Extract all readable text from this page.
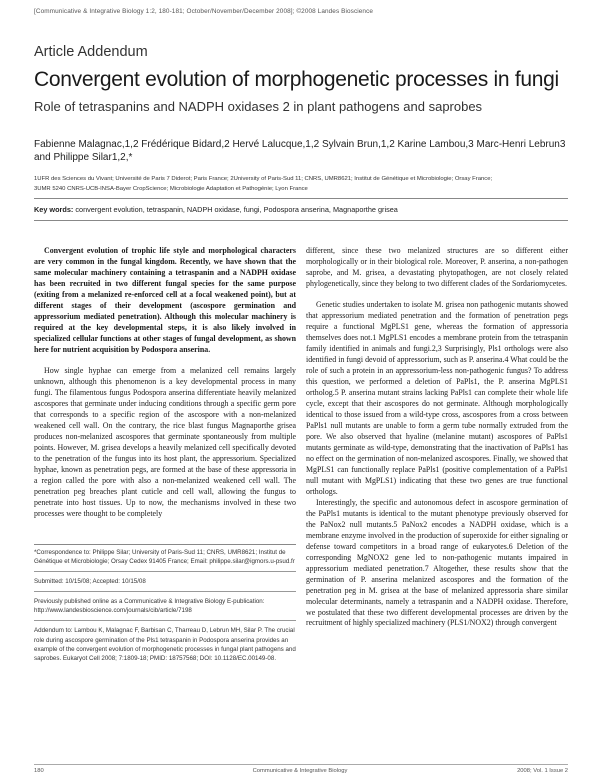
[Communicative & Integrative Biology 1:2, 180-181; October/November/December 2008]; ©2008 Landes Bioscience
Article Addendum
Convergent evolution of morphogenetic processes in fungi
Role of tetraspanins and NADPH oxidases 2 in plant pathogens and saprobes
Fabienne Malagnac,1,2 Frédérique Bidard,2 Hervé Lalucque,1,2 Sylvain Brun,1,2 Karine Lambou,3 Marc-Henri Lebrun3 and Philippe Silar1,2,*
1UFR des Sciences du Vivant; Université de Paris 7 Diderot; Paris France; 2University of Paris-Sud 11; CNRS, UMR8621; Institut de Génétique et Microbiologie; Orsay France;
3UMR 5240 CNRS-UCB-INSA-Bayer CropScience; Microbiologie Adaptation et Pathogénie; Lyon France
Key words: convergent evolution, tetraspanin, NADPH oxidase, fungi, Podospora anserina, Magnaporthe grisea

Convergent evolution of trophic life style and morphological characters are very common in the fungal kingdom. Recently, we have shown that the same molecular machinery containing a tetraspanin and a NADPH oxidase has been recruited in two different fungal species for the same purpose (exiting from a melanized re-enforced cell at a focal weakened point), but at different stages of their development (ascospore germination and appressorium mediated penetration). Although this molecular machinery is required at the key developmental steps, it is also likely involved in specialized cellular functions at other stages of fungal development, as shown here for nutrient acquisition by Podospora anserina.

How single hyphae can emerge from a melanized cell remains largely unknown, although this phenomenon is a key developmental process in many fungi. The filamentous fungus Podospora anserina differentiate heavily melanized ascospores that germinate under inducing conditions through a specific germ pore that corresponds to a specific region of the ascospore with a non-melanized weakened cell wall. On the contrary, the rice blast fungus Magnaporthe grisea produces non-melanized ascospores that germinate spontaneously from multiple points. However, M. grisea develops a heavily melanized cell specifically devoted to the penetration of the fungus into its host plant, the appressorium. Specialized hyphae, known as penetration pegs, are formed at the base of these appressoria in a region called the pore with also a non-melanized weakened cell wall. The penetration peg breaches plant cuticle and cell wall, allowing the fungus to penetrate into host tissues. Up to now, the mechanisms involved in these two processes were thought to be completely

different, since these two melanized structures are so different either morphologically or in their biological role. Moreover, P. anserina, a non-pathogen saprobe, and M. grisea, a devastating phytopathogen, are not closely related phylogenetically, since they belong to two different clades of the Sordariomycetes.

Genetic studies undertaken to isolate M. grisea non pathogenic mutants showed that appressorium mediated penetration and the formation of penetration pegs require a functional MgPLS1 gene, whereas the formation of appressoria themselves does not.1 MgPLS1 encodes a membrane protein from the tetraspanin family identified in animals and fungi.2,3 Surprisingly, Pls1 orthologs were also identified in fungi devoid of appressorium, such as P. anserina.4 What could be the role of such a protein in an appressorium-less non-pathogenic fungus? To address this question, we performed a deletion of PaPls1, the P. anserina MgPLS1 ortholog.5 P. anserina mutant strains lacking PaPls1 can complete their whole life cycle, except that their ascospores do not germinate. Although morphologically identical to those issued from a wild-type cross, ascospores from a cross between PaPls1 null mutants are unable to form a germ tube normally extruded from the pore. We also observed that hyaline (melanine mutant) ascospores of PaPls1 mutants germinate as wild-type, demonstrating that the inactivation of PaPls1 has no effect on the germination of non-melanized ascospores. Finally, we showed that MgPLS1 can functionally replace PaPls1 (positive complementation of a PaPls1 null mutant with MgPLS1) indicating that these two genes are true functional orthologs.

Interestingly, the specific and autonomous defect in ascospore germination of the PaPls1 mutants is identical to the mutant phenotype previously observed for the PaNox2 null mutants.5 PaNox2 encodes a NADPH oxidase, which is a membrane enzyme involved in the production of superoxide for either signaling or defense toward competitors in a broad range of eukaryotes.6 Deletion of the corresponding MgNOX2 gene led to non-pathogenic mutants impaired in appressorium mediated penetration.7 Altogether, these results show that the germination of P. anserina melanized ascospores and the formation of the penetration peg in M. grisea at the base of melanized appressoria share similar molecular determinants, namely a tetraspanin and a NADPH oxidase. Therefore, we postulated that these two different developmental processes are driven by the recruitment of highly specialized machinery (PLS1/NOX2) through convergent

*Correspondence to: Philippe Silar; University of Paris-Sud 11; CNRS, UMR8621; Institut de Génétique et Microbiologie; Orsay Cedex 91405 France; Email: philippe.silar@igmors.u-psud.fr
Submitted: 10/15/08; Accepted: 10/15/08
Previously published online as a Communicative & Integrative Biology E-publication: http://www.landesbioscience.com/journals/cib/article/7198
Addendum to: Lambou K, Malagnac F, Barbisan C, Tharreau D, Lebrun MH, Silar P. The crucial role during ascospore germination of the Pls1 tetraspanin in Podospora anserina provides an example of the convergent evolution of morphogenetic processes in fungal plant pathogens and saprobes. Eukaryot Cell 2008; 7:1809-18; PMID: 18757568; DOI: 10.1128/EC.00149-08.
180	Communicative & Integrative Biology	2008; Vol. 1 Issue 2
